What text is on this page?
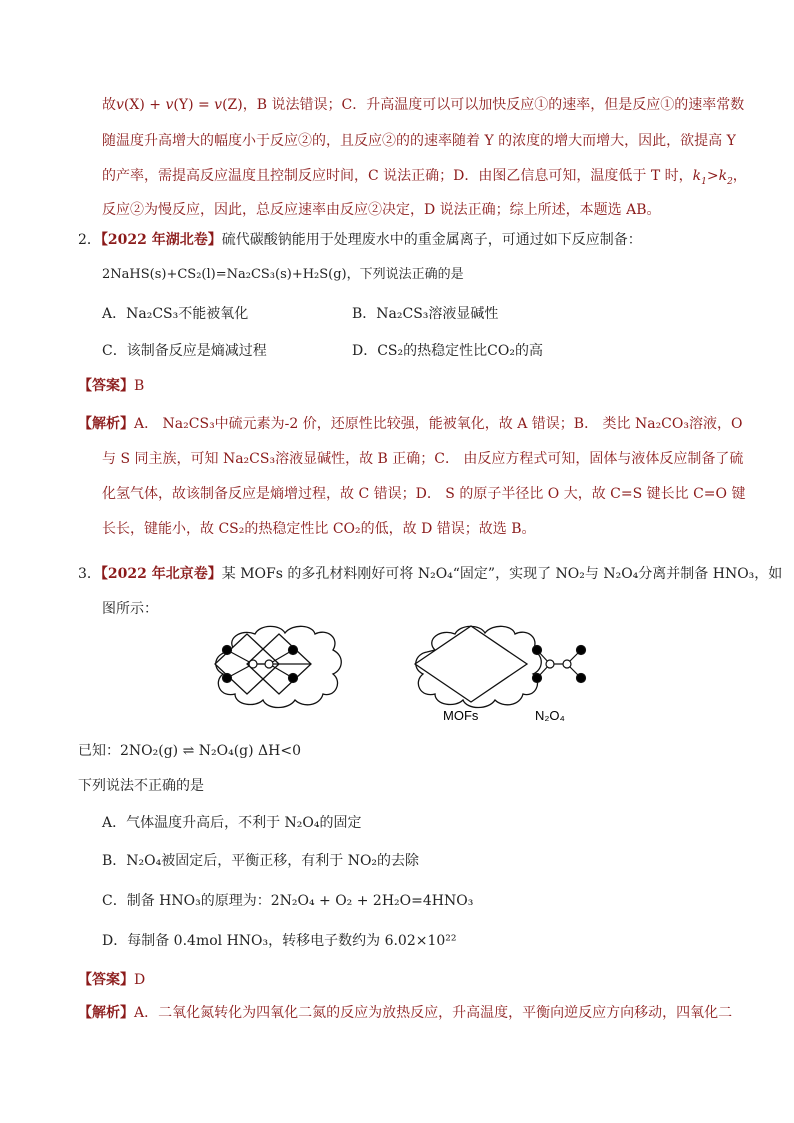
故v(X) + v(Y) = v(Z)，B 说法错误；C．升高温度可以可以加快反应①的速率，但是反应①的速率常数
随温度升高增大的幅度小于反应②的，且反应②的的速率随着 Y 的浓度的增大而增大，因此，欲提高 Y
的产率，需提高反应温度且控制反应时间，C 说法正确；D．由图乙信息可知，温度低于 T 时，$k_1>k_2$，
反应②为慢反应，因此，总反应速率由反应②决定，D 说法正确；综上所述，本题选 AB。
2．【2022 年湖北卷】硫代碳酸钠能用于处理废水中的重金属离子，可通过如下反应制备：
2NaHS(s)+CS₂(l)=Na₂CS₃(s)+H₂S(g)，下列说法正确的是
A．Na₂CS₃不能被氧化	B．Na₂CS₃溶液显碱性
C．该制备反应是熵减过程	D．CS₂的热稳定性比CO₂的高
【答案】B
【解析】A． Na₂CS₃中硫元素为-2 价，还原性比较强，能被氧化，故 A 错误；B． 类比 Na₂CO₃溶液，O
与 S 同主族，可知 Na₂CS₃溶液显碱性，故 B 正确；C． 由反应方程式可知，固体与液体反应制备了硫
化氢气体，故该制备反应是熵增过程，故 C 错误；D． S 的原子半径比 O 大，故 C=S 键长比 C=O 键
长长，键能小，故 CS₂的热稳定性比 CO₂的低，故 D 错误；故选 B。
3．【2022 年北京卷】某 MOFs 的多孔材料刚好可将 N₂O₄“固定”，实现了 NO₂与 N₂O₄分离并制备 HNO₃，如
图所示：
MOFs	N₂O₄
已知：2NO₂(g) ⇌ N₂O₄(g) ΔH<0
下列说法不正确的是
A．气体温度升高后，不利于 N₂O₄的固定
B．N₂O₄被固定后，平衡正移，有利于 NO₂的去除
C．制备 HNO₃的原理为：2N₂O₄ + O₂ + 2H₂O=4HNO₃
D．每制备 0.4mol HNO₃，转移电子数约为 6.02×10²²
【答案】D
【解析】A．二氧化氮转化为四氧化二氮的反应为放热反应，升高温度，平衡向逆反应方向移动，四氧化二
